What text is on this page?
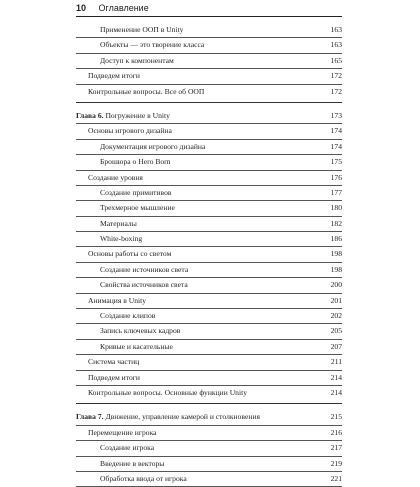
10 Оглавление
Применение ООП в Unity	163
Объекты — это творение класса	163
Доступ к компонентам	165
Подведем итоги	172
Контрольные вопросы. Все об ООП	172
Глава 6. Погружение в Unity	173
Основы игрового дизайна	174
Документация игрового дизайна	174
Брошюра о Hero Born	175
Создание уровня	176
Создание примитивов	177
Трехмерное мышление	180
Материалы	182
White-boxing	186
Основы работы со светом	198
Создание источников света	198
Свойства источников света	200
Анимация в Unity	201
Создание клипов	202
Запись ключевых кадров	205
Кривые и касательные	207
Система частиц	211
Подведем итоги	214
Контрольные вопросы. Основные функции Unity	214
Глава 7. Движение, управление камерой и столкновения	215
Перемещение игрока	216
Создание игрока	217
Введение в векторы	219
Обработка ввода от игрока	221
